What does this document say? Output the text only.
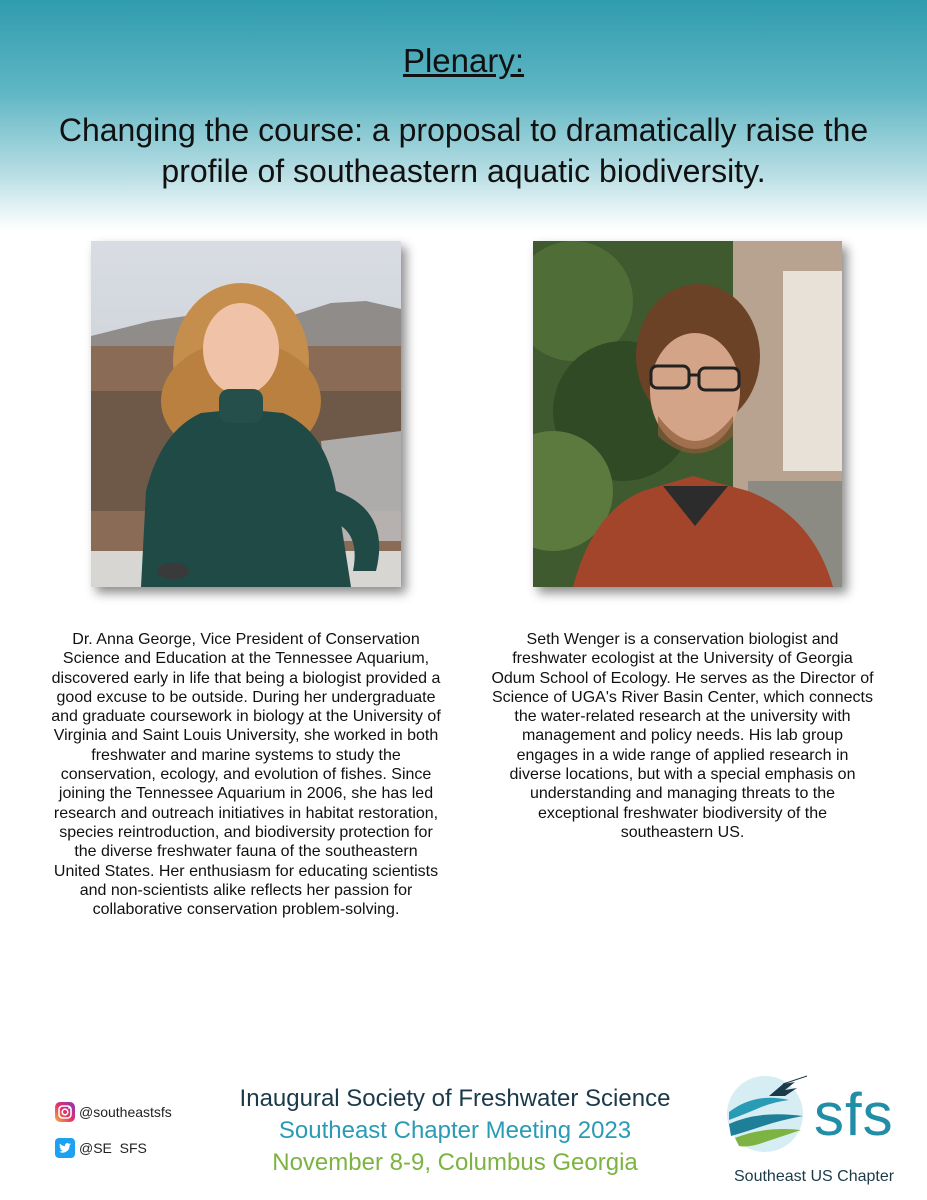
Plenary:
Changing the course: a proposal to dramatically raise the profile of southeastern aquatic biodiversity.
Dr. Anna George, Vice President of Conservation Science and Education at the Tennessee Aquarium, discovered early in life that being a biologist provided a good excuse to be outside. During her undergraduate and graduate coursework in biology at the University of Virginia and Saint Louis University, she worked in both freshwater and marine systems to study the conservation, ecology, and evolution of fishes. Since joining the Tennessee Aquarium in 2006, she has led research and outreach initiatives in habitat restoration, species reintroduction, and biodiversity protection for the diverse freshwater fauna of the southeastern United States. Her enthusiasm for educating scientists and non-scientists alike reflects her passion for collaborative conservation problem-solving.
Seth Wenger is a conservation biologist and freshwater ecologist at the University of Georgia Odum School of Ecology. He serves as the Director of Science of UGA's River Basin Center, which connects the water-related research at the university with management and policy needs. His lab group engages in a wide range of applied research in diverse locations, but with a special emphasis on understanding and managing threats to the exceptional freshwater biodiversity of the southeastern US.
@southeastsfs
@SE  SFS
Inaugural Society of Freshwater Science
Southeast Chapter Meeting 2023
November 8-9, Columbus Georgia
sfs
Southeast US Chapter
